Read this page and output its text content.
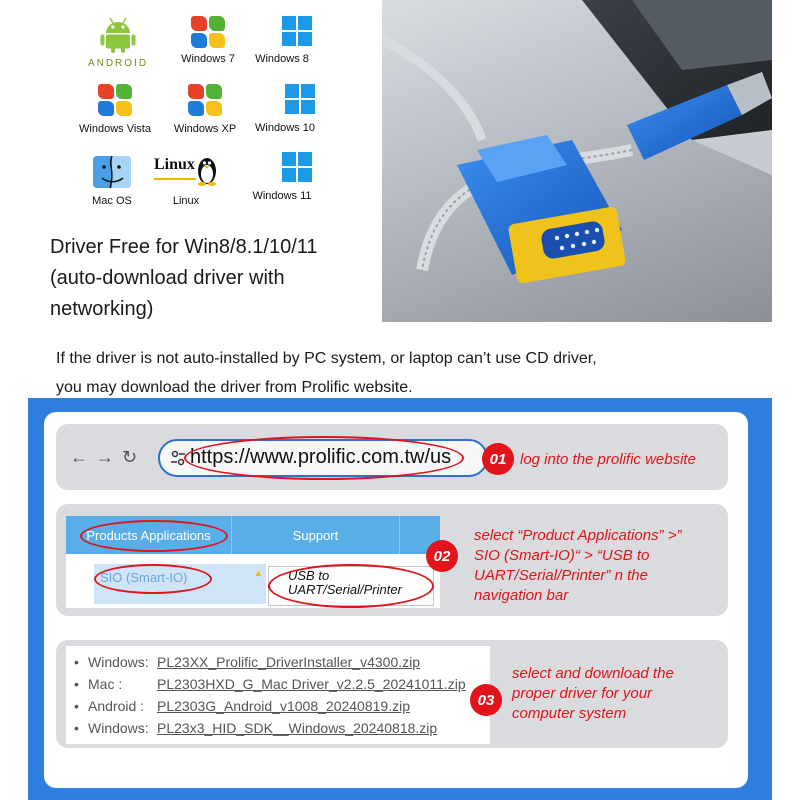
ANDROID	Windows 7	Windows 8
Windows Vista	Windows XP	Windows 10
Mac OS
Linux
Linux	Windows 11
Driver Free for Win8/8.1/10/11
(auto-download driver with
networking)
If the driver is not auto-installed by PC system, or laptop can’t use CD driver,
you may download the driver from Prolific website.
← → ↻	https://www.prolific.com.tw/us	01 log into the prolific website
Products Applications	Support
SIO (Smart-IO)	▲ USB to
UART/Serial/Printer
02
select “Product Applications” >”
SIO (Smart-IO)“ > “USB to
UART/Serial/Printer” n the
navigation bar
• Windows: PL23XX_Prolific_DriverInstaller_v4300.zip
• Mac : PL2303HXD_G_Mac Driver_v2.2.5_20241011.zip
• Android : PL2303G_Android_v1008_20240819.zip
• Windows: PL23x3_HID_SDK__Windows_20240818.zip
03
select and download the
proper driver for your
computer system
